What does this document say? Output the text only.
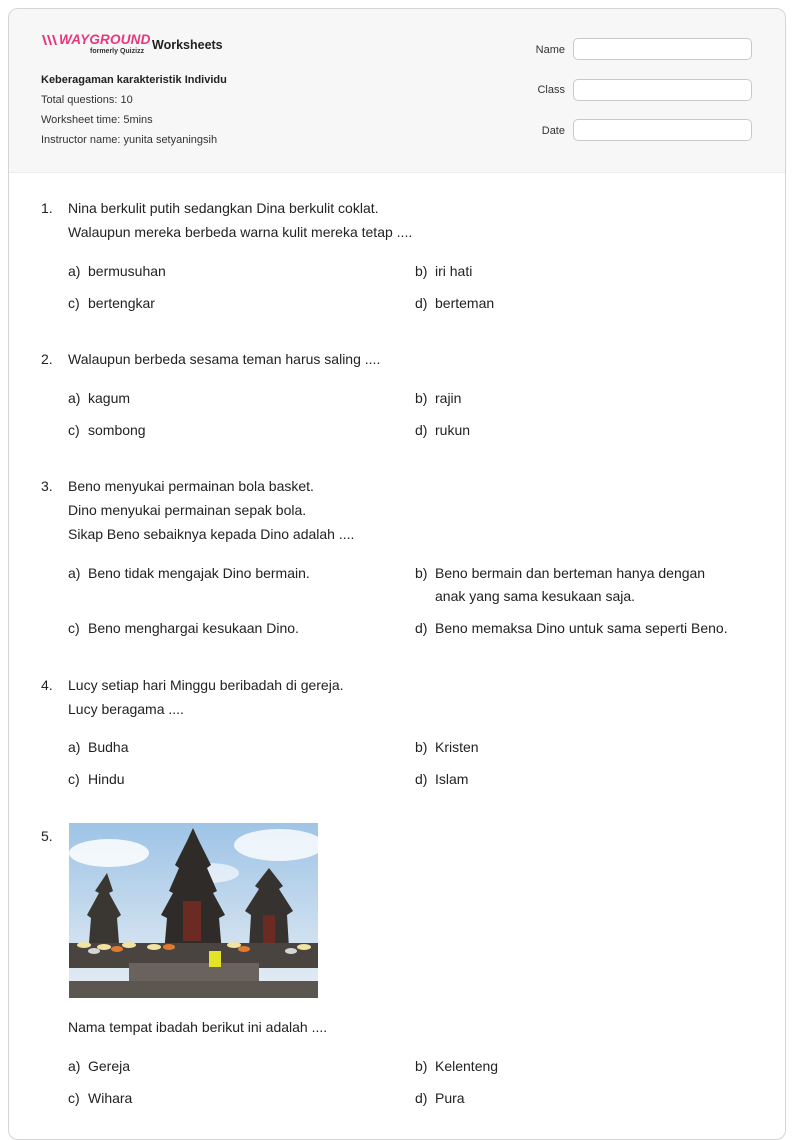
WAYGROUND
formerly Quizizz Worksheets
Keberagaman karakteristik Individu
Total questions: 10
Worksheet time: 5mins
Instructor name: yunita setyaningsih
Name
Class
Date
1. Nina berkulit putih sedangkan Dina berkulit coklat.
Walaupun mereka berbeda warna kulit mereka tetap ....
a) bermusuhan	b) iri hati
c) bertengkar	d) berteman
2. Walaupun berbeda sesama teman harus saling ....
a) kagum	b) rajin
c) sombong	d) rukun
3. Beno menyukai permainan bola basket.
Dino menyukai permainan sepak bola.
Sikap Beno sebaiknya kepada Dino adalah ....
a) Beno tidak mengajak Dino bermain.	b) Beno bermain dan berteman hanya dengan anak yang sama kesukaan saja.
c) Beno menghargai kesukaan Dino.	d) Beno memaksa Dino untuk sama seperti Beno.
4. Lucy setiap hari Minggu beribadah di gereja.
Lucy beragama ....
a) Budha	b) Kristen
c) Hindu	d) Islam
5.
Nama tempat ibadah berikut ini adalah ....
a) Gereja	b) Kelenteng
c) Wihara	d) Pura
